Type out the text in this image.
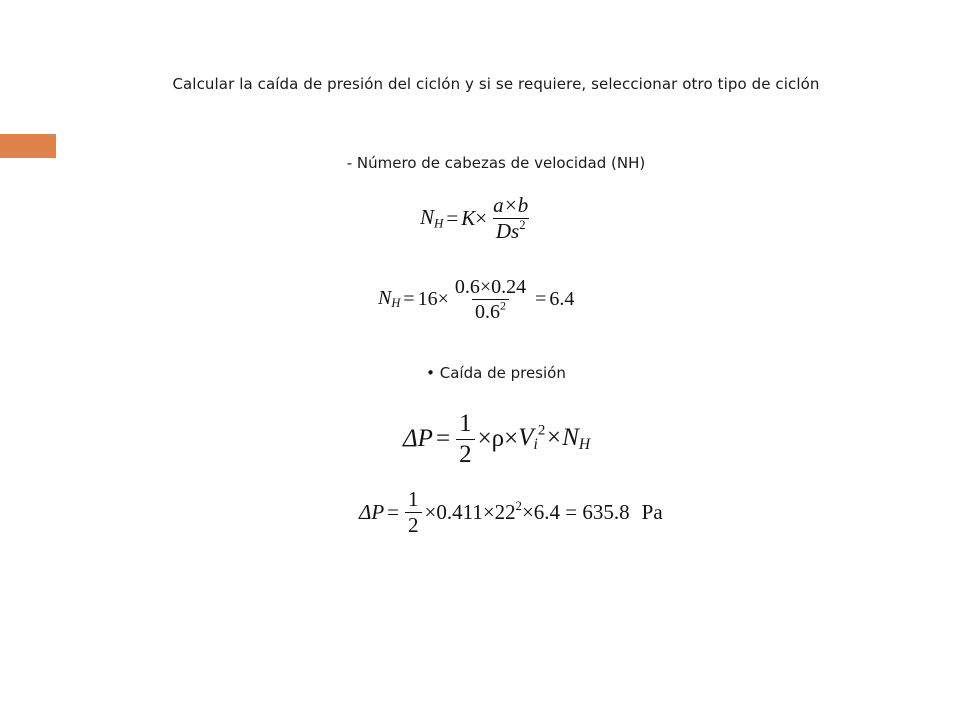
Calcular la caída de presión del ciclón y si se requiere, seleccionar otro tipo de ciclón
- Número de cabezas de velocidad (NH)
$N_H = K \times \frac{a\times b}{Ds^2}$
$N_H = 16\times \frac{0.6\times 0.24}{0.6^2} = 6.4$
• Caída de presión
$\Delta P = \frac{1}{2} \times\rho\times V_i^2 \times N_H$
$\Delta P = \frac{1}{2} \times 0.411\times 22^2\times 6.4 = 635.8$ Pa
